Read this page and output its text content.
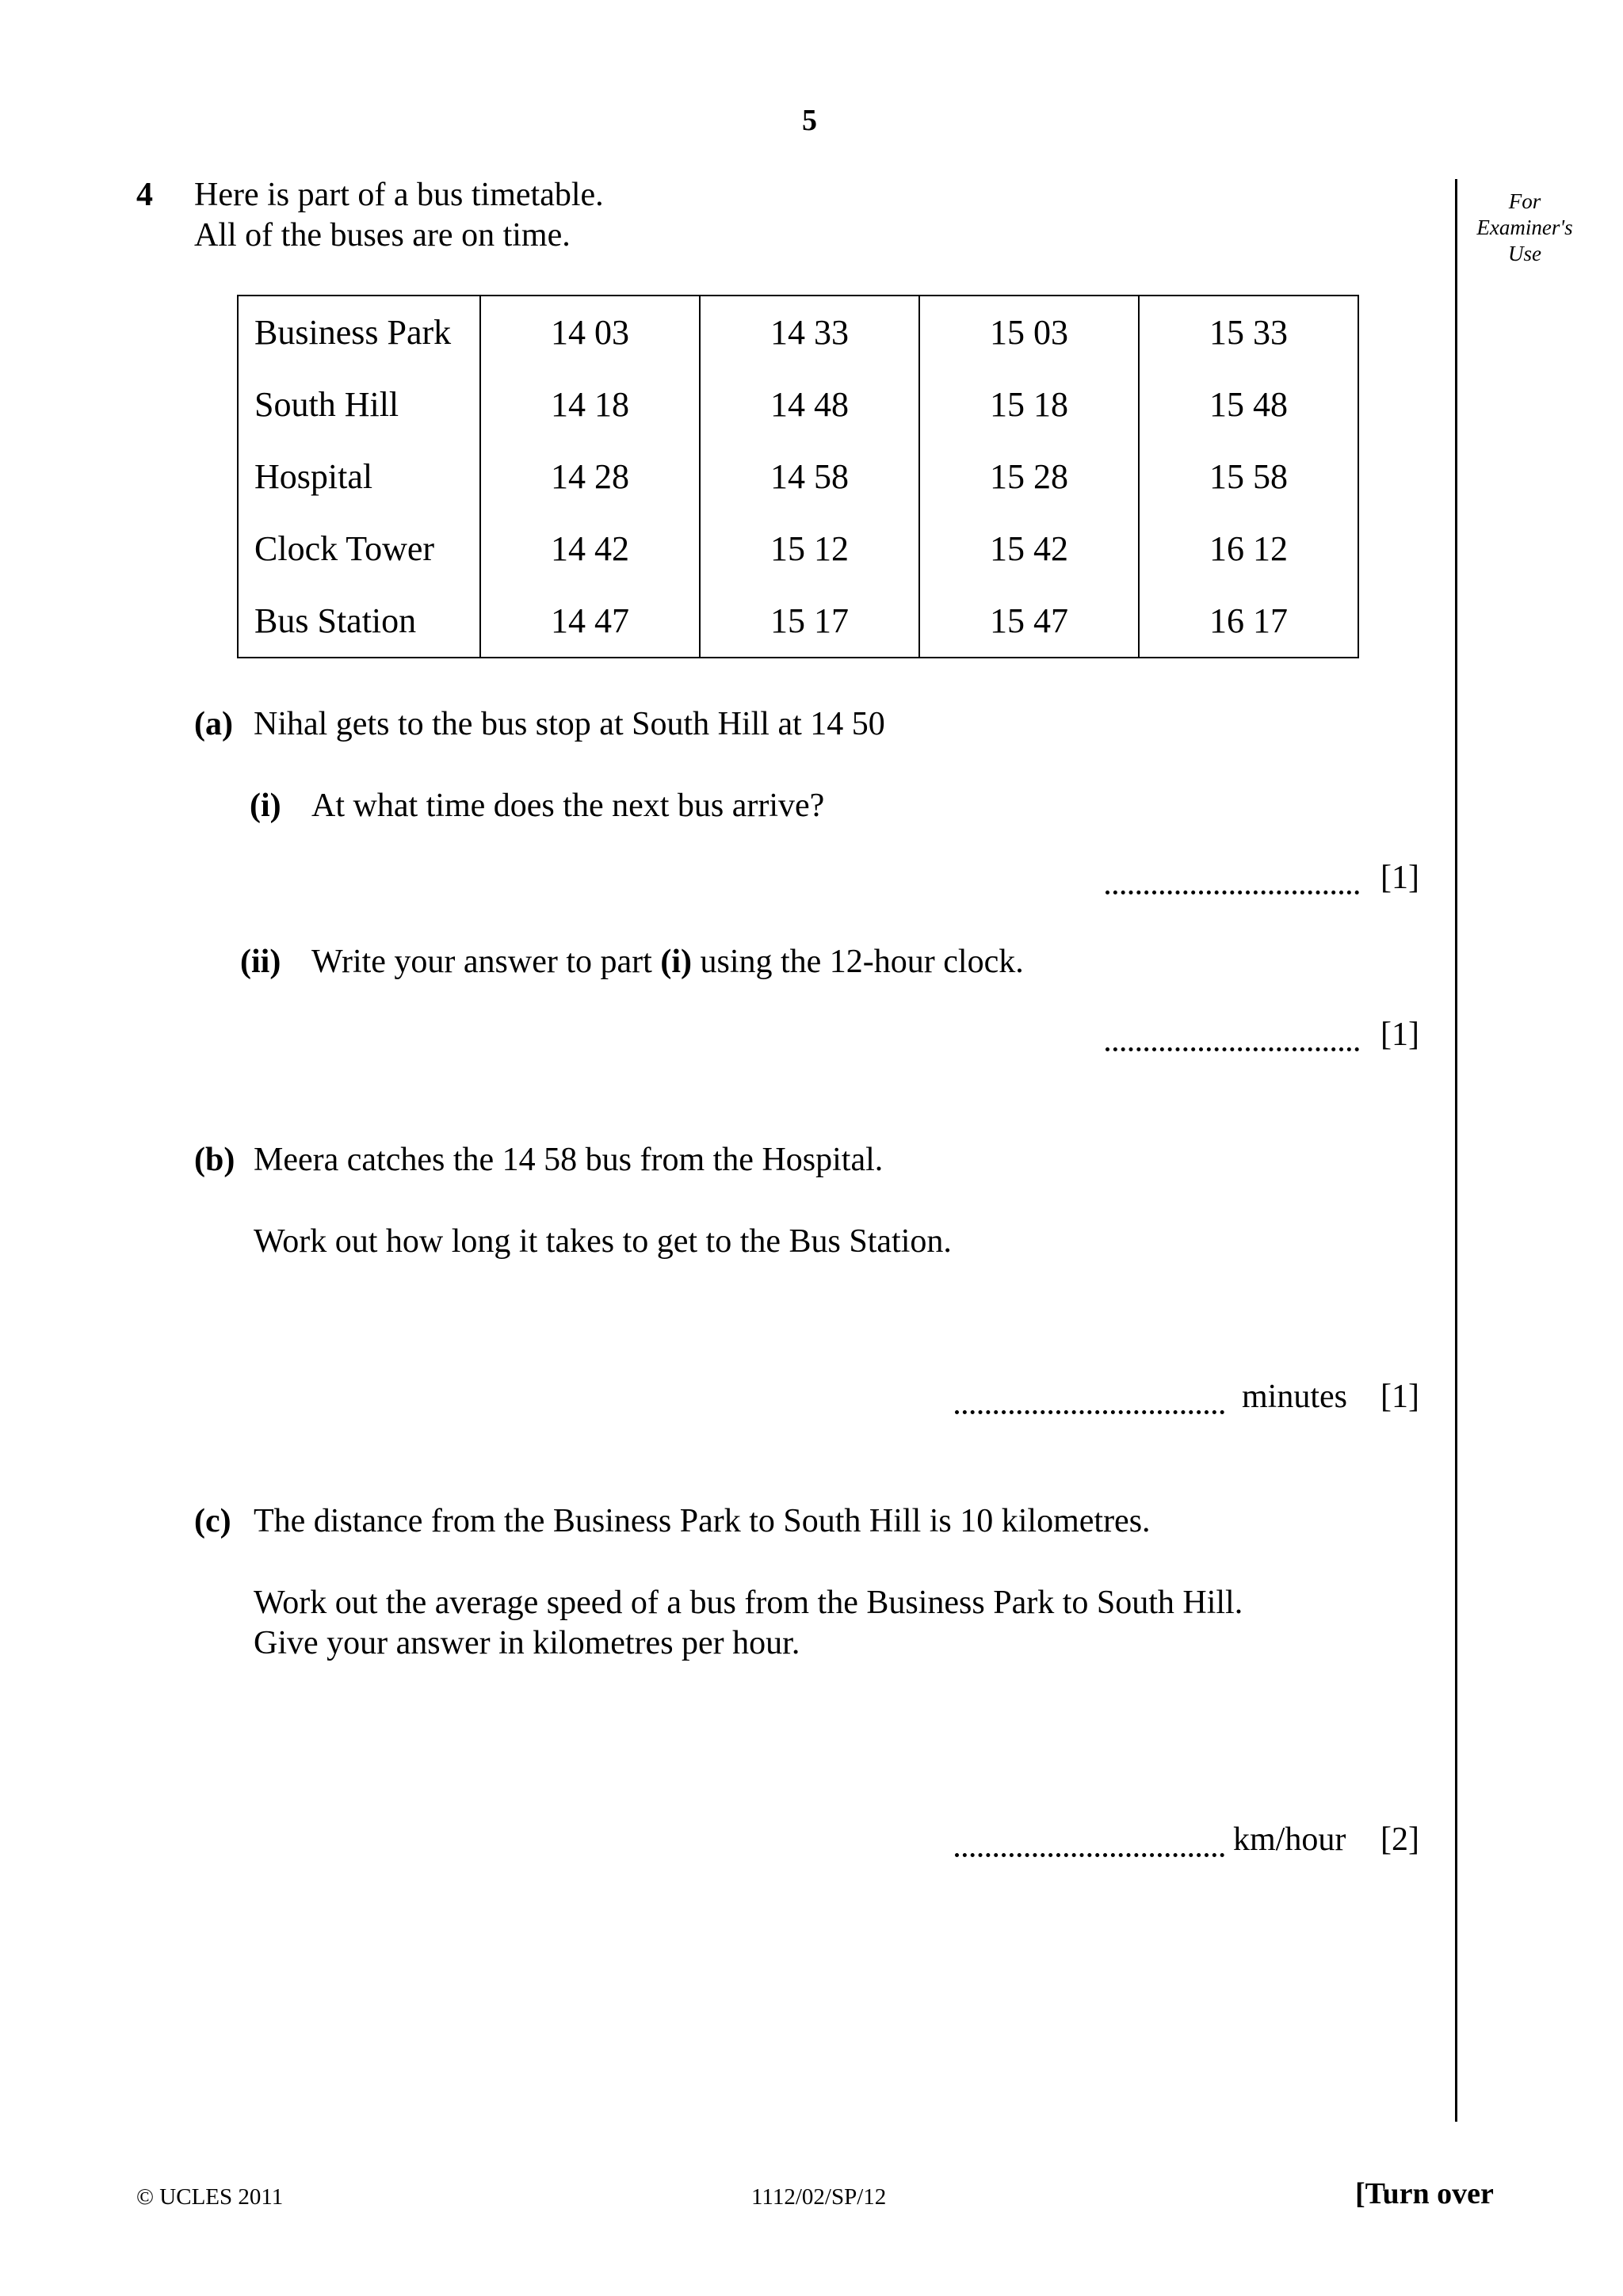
5
For
Examiner's
Use
4 Here is part of a bus timetable.
All of the buses are on time.
Business Park	14 03	14 33	15 03	15 33
South Hill	14 18	14 48	15 18	15 48
Hospital	14 28	14 58	15 28	15 58
Clock Tower	14 42	15 12	15 42	16 12
Bus Station	14 47	15 17	15 47	16 17
(a) Nihal gets to the bus stop at South Hill at 14 50
(i) At what time does the next bus arrive?
[1]
(ii) Write your answer to part (i) using the 12-hour clock.
[1]
(b) Meera catches the 14 58 bus from the Hospital.
Work out how long it takes to get to the Bus Station.
minutes [1]
(c) The distance from the Business Park to South Hill is 10 kilometres.
Work out the average speed of a bus from the Business Park to South Hill.
Give your answer in kilometres per hour.
km/hour [2]
© UCLES 2011	1112/02/SP/12	[Turn over
